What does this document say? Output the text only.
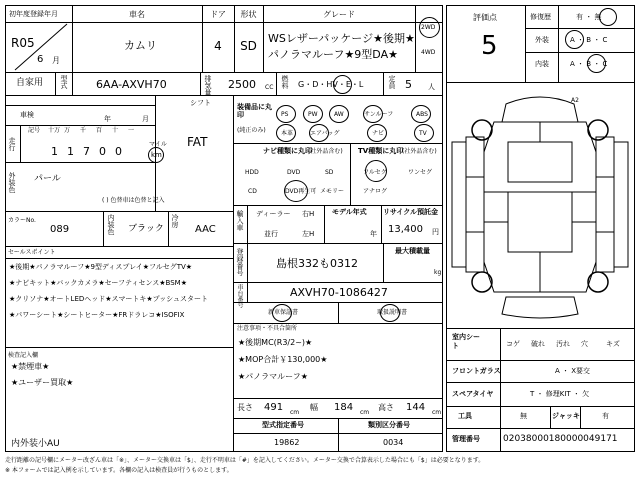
初年度登録年月
R05
6 月
車名
カムリ
ドア
4
形状
SD
グレード
WSレザーパッケージ★後期★
パノラマルーフ★9型DA★
2WD
4WD
自家用 型式	6AA-AXVH70	排気量 2500 CC 燃料 G・D・HV・E・L	定員 5 人
評価点
5
修復歴	有 ・ 無
外装	A ・ B ・ C
内装	A ・ B ・ C
車検	年	月
シフト
FAT
走行
記号 十万 万 千 百 十 一
1 1 7 0 0
マイル
km
外装色 パール
( ) 色替車は色替と記入
カラーNo.
089	内装色 ブラック
冷房
AAC
装備品に丸印
(純正のみ)
PS	PW	AW	サンルーフ	ABS
本革	エアバッグ	ナビ	TV
ナビ種類に丸印
(社外品含む)
HDD	DVD	SD
CD	DVD再生可 メモリー
TV種類に丸印
(社外品含む)
フルセグ	ワンセグ
アナログ
輸入車 ディーラー
並行
右H
左H
モデル年式
年
リサイクル預託金
13,400 円
登録番号	島根332も0312
最大積載量
kg
車台番号	AXVH70-1086427
新車保証書	取扱説明書
セールスポイント
★後期★パノラマルーフ★9型ディスプレイ★フルセグTV★
★ナビキット★バックカメラ★セーフティセンス★BSM★
★クリソナ★オートLEDヘッド★スマートキ★プッシュスタート
★パワーシート★シートヒーター★FRドラレコ★ISOFIX
注意事項・不具合箇所
★後期MC(R3/2~)★
★MOP合計￥130,000★
★パノラマルーフ★
検査記入欄
★禁煙車★
★ユーザー買取★
内外装小AU
長さ 491 cm
幅 184 cm
高さ 144 cm
型式指定番号
19862
類別区分番号
0034
A2
室内シート	コゲ 破れ 汚れ 穴	キズ
フロントガラス	A ・ X要交
スペアタイヤ	T ・ 修理KIT ・ 欠
工具	無	ジャッキ	有
管理番号	02038000180000049171
走行距離の記号欄にメーター改ざん車は「※」、メーター交換車は「$」、走行不明車は「#」を記入してください。メーター交換で合算表示した場合にも「$」は必要となります。
※ 本フォームでは記入例を示しています。各欄の記入は検査員が行うものとします。
